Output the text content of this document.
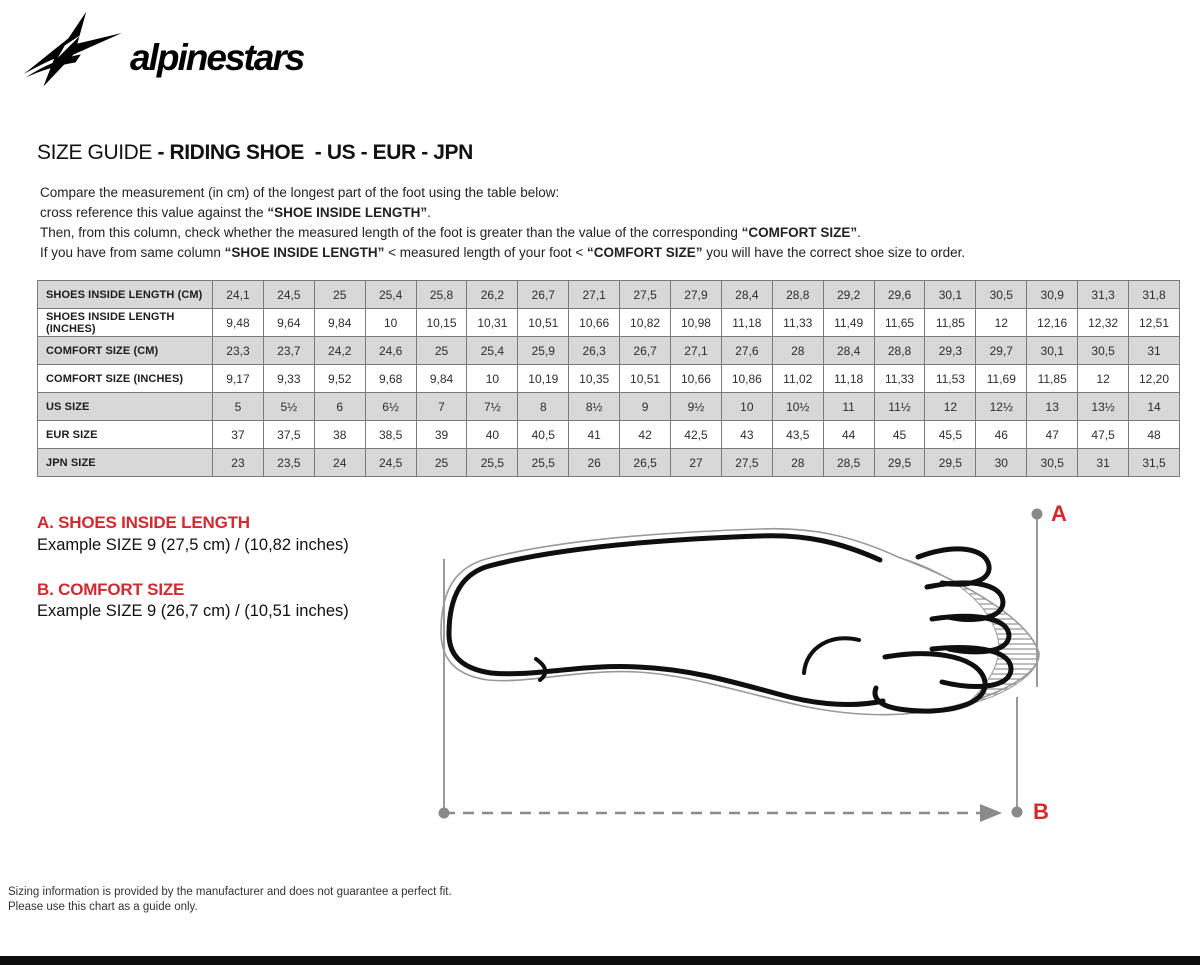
alpinestars
SIZE GUIDE - RIDING SHOE  - US - EUR - JPN
Compare the measurement (in cm) of the longest part of the foot using the table below:
cross reference this value against the “SHOE INSIDE LENGTH”.
Then, from this column, check whether the measured length of the foot is greater than the value of the corresponding “COMFORT SIZE”.
If you have from same column “SHOE INSIDE LENGTH” < measured length of your foot < “COMFORT SIZE” you will have the correct shoe size to order.
SHOES INSIDE LENGTH (CM)	24,1	24,5	25	25,4	25,8	26,2	26,7	27,1	27,5	27,9	28,4	28,8	29,2	29,6	30,1	30,5	30,9	31,3	31,8
SHOES INSIDE LENGTH (INCHES)	9,48	9,64	9,84	10	10,15	10,31	10,51	10,66	10,82	10,98	11,18	11,33	11,49	11,65	11,85	12	12,16	12,32	12,51
COMFORT SIZE (CM)	23,3	23,7	24,2	24,6	25	25,4	25,9	26,3	26,7	27,1	27,6	28	28,4	28,8	29,3	29,7	30,1	30,5	31
COMFORT SIZE (INCHES)	9,17	9,33	9,52	9,68	9,84	10	10,19	10,35	10,51	10,66	10,86	11,02	11,18	11,33	11,53	11,69	11,85	12	12,20
US SIZE	5	5½	6	6½	7	7½	8	8½	9	9½	10	10½	11	11½	12	12½	13	13½	14
EUR SIZE	37	37,5	38	38,5	39	40	40,5	41	42	42,5	43	43,5	44	45	45,5	46	47	47,5	48
JPN SIZE	23	23,5	24	24,5	25	25,5	25,5	26	26,5	27	27,5	28	28,5	29,5	29,5	30	30,5	31	31,5
A. SHOES INSIDE LENGTH
Example SIZE 9 (27,5 cm) / (10,82 inches)
B. COMFORT SIZE
Example SIZE 9 (26,7 cm) / (10,51 inches)
A
B
Sizing information is provided by the manufacturer and does not guarantee a perfect fit.
Please use this chart as a guide only.
